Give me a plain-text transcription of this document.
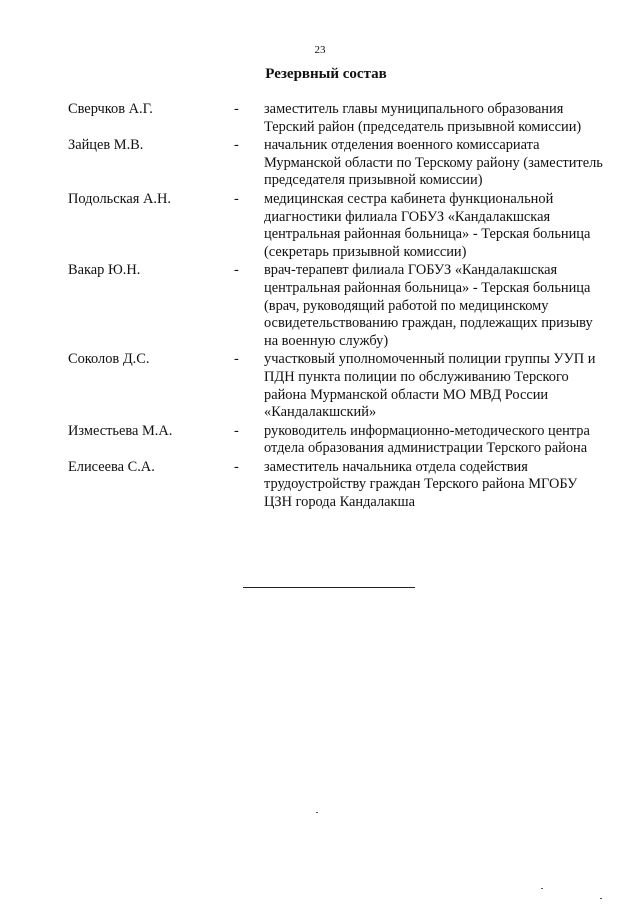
23
Резервный состав
Сверчков А.Г.	- заместитель главы муниципального образования Терский район (председатель призывной комиссии)
Зайцев М.В.	- начальник отделения военного комиссариата Мурманской области по Терскому району (заместитель председателя призывной комиссии)
Подольская А.Н.	- медицинская сестра кабинета функциональной диагностики филиала ГОБУЗ «Кандалакшская центральная районная больница» - Терская больница (секретарь призывной комиссии)
Вакар Ю.Н.	- врач-терапевт филиала ГОБУЗ «Кандалакшская центральная районная больница» - Терская больница (врач, руководящий работой по медицинскому освидетельствованию граждан, подлежащих призыву на военную службу)
Соколов Д.С.	- участковый уполномоченный полиции группы УУП и ПДН пункта полиции по обслуживанию Терского района Мурманской области МО МВД России «Кандалакшский»
Изместьева М.А.	- руководитель информационно-методического центра отдела образования администрации Терского района
Елисеева С.А.	- заместитель начальника отдела содействия трудоустройству граждан Терского района МГОБУ ЦЗН города Кандалакша
